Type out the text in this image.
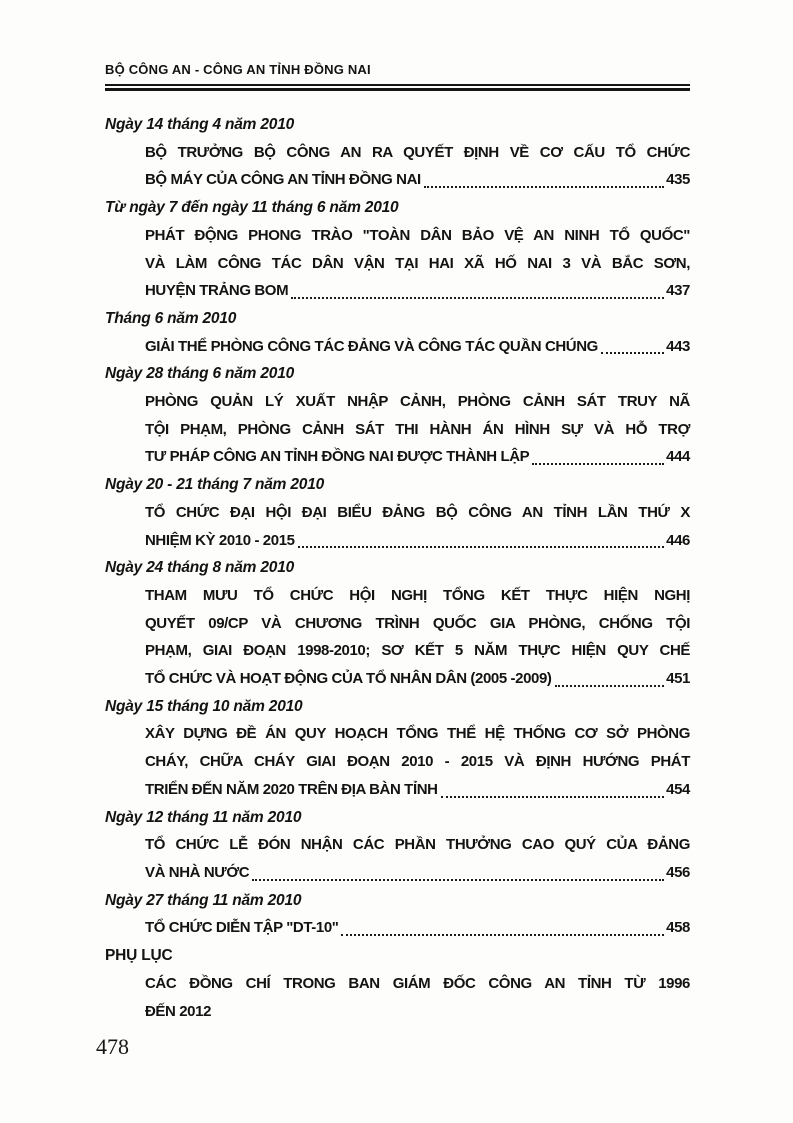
BỘ CÔNG AN - CÔNG AN TỈNH ĐỒNG NAI
Ngày 14 tháng 4 năm 2010
BỘ TRƯỞNG BỘ CÔNG AN RA QUYẾT ĐỊNH VỀ CƠ CẤU TỔ CHỨC
BỘ MÁY CỦA CÔNG AN TỈNH ĐỒNG NAI	435
Từ ngày 7 đến ngày 11 tháng 6 năm 2010
PHÁT ĐỘNG PHONG TRÀO "TOÀN DÂN BẢO VỆ AN NINH TỔ QUỐC"
VÀ LÀM CÔNG TÁC DÂN VẬN TẠI HAI XÃ HỐ NAI 3 VÀ BẮC SƠN,
HUYỆN TRẢNG BOM	437
Tháng 6 năm 2010
GIẢI THỂ PHÒNG CÔNG TÁC ĐẢNG VÀ CÔNG TÁC QUẦN CHÚNG	443
Ngày 28 tháng 6 năm 2010
PHÒNG QUẢN LÝ XUẤT NHẬP CẢNH, PHÒNG CẢNH SÁT TRUY NÃ
TỘI PHẠM, PHÒNG CẢNH SÁT THI HÀNH ÁN HÌNH SỰ VÀ HỖ TRỢ
TƯ PHÁP CÔNG AN TỈNH ĐỒNG NAI ĐƯỢC THÀNH LẬP	444
Ngày 20 - 21 tháng 7 năm 2010
TỔ CHỨC ĐẠI HỘI ĐẠI BIỂU ĐẢNG BỘ CÔNG AN TỈNH LẦN THỨ X
NHIỆM KỲ 2010 - 2015	446
Ngày 24 tháng 8 năm 2010
THAM MƯU TỔ CHỨC HỘI NGHỊ TỔNG KẾT THỰC HIỆN NGHỊ
QUYẾT 09/CP VÀ CHƯƠNG TRÌNH QUỐC GIA PHÒNG, CHỐNG TỘI
PHẠM, GIAI ĐOẠN 1998-2010; SƠ KẾT 5 NĂM THỰC HIỆN QUY CHẾ
TỔ CHỨC VÀ HOẠT ĐỘNG CỦA TỔ NHÂN DÂN (2005 -2009)	451
Ngày 15 tháng 10 năm 2010
XÂY DỰNG ĐỀ ÁN QUY HOẠCH TỔNG THỂ HỆ THỐNG CƠ SỞ PHÒNG
CHÁY, CHỮA CHÁY GIAI ĐOẠN 2010 - 2015 VÀ ĐỊNH HƯỚNG PHÁT
TRIỂN ĐẾN NĂM 2020 TRÊN ĐỊA BÀN TỈNH	454
Ngày 12 tháng 11 năm 2010
TỔ CHỨC LỄ ĐÓN NHẬN CÁC PHẦN THƯỞNG CAO QUÝ CỦA ĐẢNG
VÀ NHÀ NƯỚC	456
Ngày 27 tháng 11 năm 2010
TỔ CHỨC DIỄN TẬP "DT-10"	458
PHỤ LỤC
CÁC ĐỒNG CHÍ TRONG BAN GIÁM ĐỐC CÔNG AN TỈNH TỪ 1996
ĐẾN 2012
478
